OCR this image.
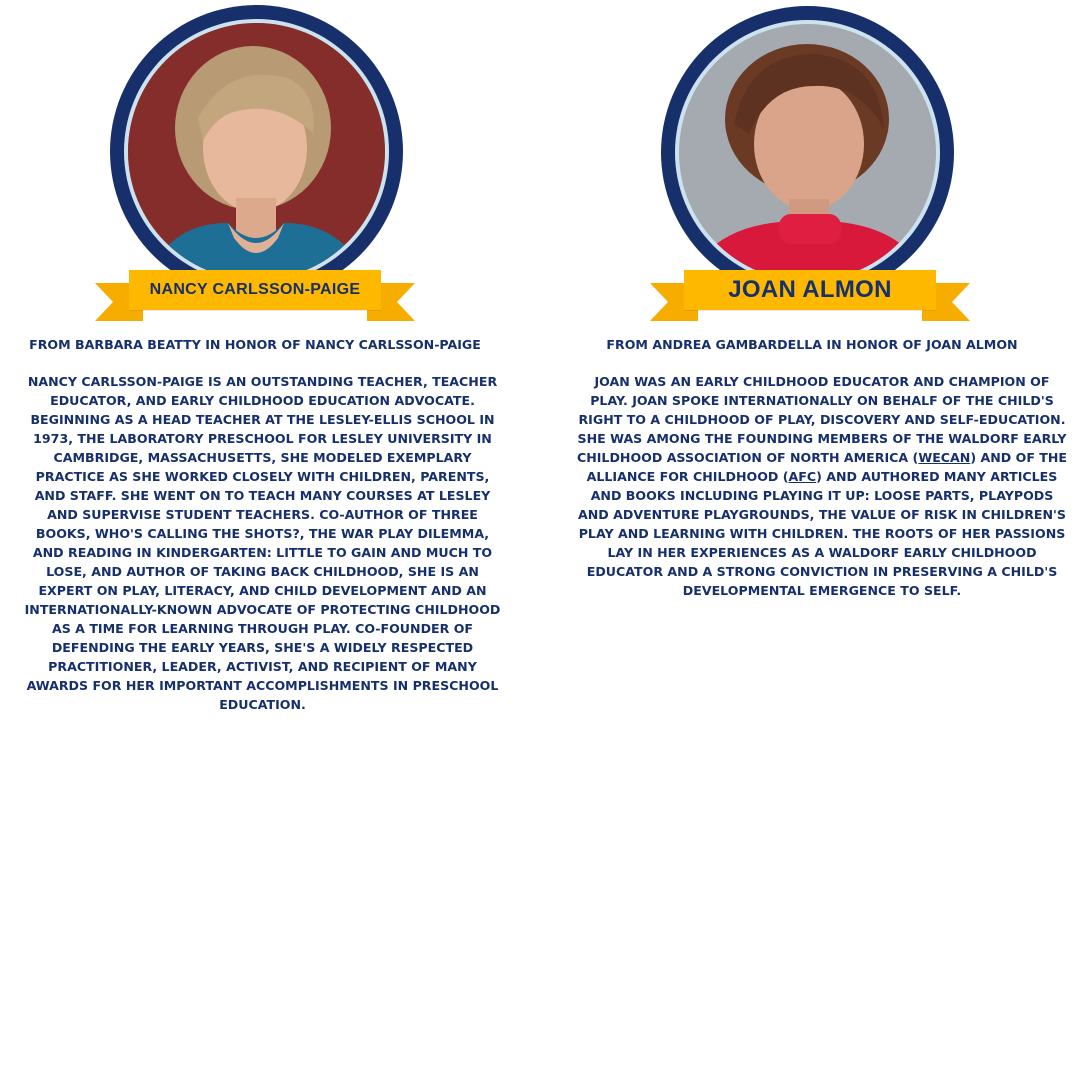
NANCY CARLSSON-PAIGE
FROM BARBARA BEATTY IN HONOR OF NANCY CARLSSON-PAIGE

NANCY CARLSSON-PAIGE IS AN OUTSTANDING TEACHER, TEACHER EDUCATOR, AND EARLY CHILDHOOD EDUCATION ADVOCATE. BEGINNING AS A HEAD TEACHER AT THE LESLEY-ELLIS SCHOOL IN 1973, THE LABORATORY PRESCHOOL FOR LESLEY UNIVERSITY IN CAMBRIDGE, MASSACHUSETTS, SHE MODELED EXEMPLARY PRACTICE AS SHE WORKED CLOSELY WITH CHILDREN, PARENTS, AND STAFF. SHE WENT ON TO TEACH MANY COURSES AT LESLEY AND SUPERVISE STUDENT TEACHERS. CO-AUTHOR OF THREE BOOKS, WHO'S CALLING THE SHOTS?, THE WAR PLAY DILEMMA, AND READING IN KINDERGARTEN: LITTLE TO GAIN AND MUCH TO LOSE, AND AUTHOR OF TAKING BACK CHILDHOOD, SHE IS AN EXPERT ON PLAY, LITERACY, AND CHILD DEVELOPMENT AND AN INTERNATIONALLY-KNOWN ADVOCATE OF PROTECTING CHILDHOOD AS A TIME FOR LEARNING THROUGH PLAY. CO-FOUNDER OF DEFENDING THE EARLY YEARS, SHE'S A WIDELY RESPECTED PRACTITIONER, LEADER, ACTIVIST, AND RECIPIENT OF MANY AWARDS FOR HER IMPORTANT ACCOMPLISHMENTS IN PRESCHOOL EDUCATION.

JOAN ALMON
FROM ANDREA GAMBARDELLA IN HONOR OF JOAN ALMON

JOAN WAS AN EARLY CHILDHOOD EDUCATOR AND CHAMPION OF PLAY. JOAN SPOKE INTERNATIONALLY ON BEHALF OF THE CHILD'S RIGHT TO A CHILDHOOD OF PLAY, DISCOVERY AND SELF-EDUCATION. SHE WAS AMONG THE FOUNDING MEMBERS OF THE WALDORF EARLY CHILDHOOD ASSOCIATION OF NORTH AMERICA (WECAN) AND OF THE ALLIANCE FOR CHILDHOOD (AFC) AND AUTHORED MANY ARTICLES AND BOOKS INCLUDING PLAYING IT UP: LOOSE PARTS, PLAYPODS AND ADVENTURE PLAYGROUNDS, THE VALUE OF RISK IN CHILDREN'S PLAY AND LEARNING WITH CHILDREN. THE ROOTS OF HER PASSIONS LAY IN HER EXPERIENCES AS A WALDORF EARLY CHILDHOOD EDUCATOR AND A STRONG CONVICTION IN PRESERVING A CHILD'S DEVELOPMENTAL EMERGENCE TO SELF.
